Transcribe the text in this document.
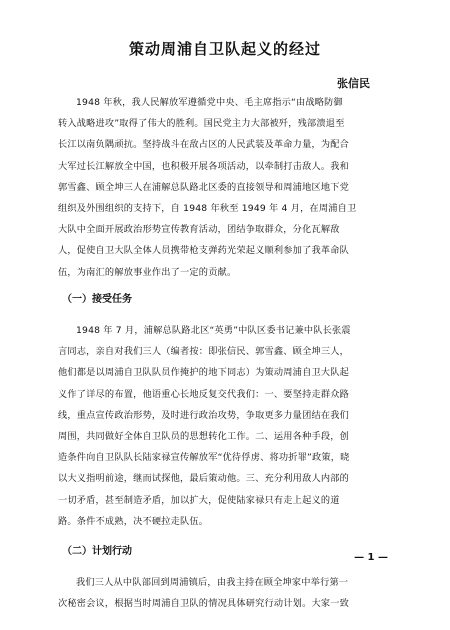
策动周浦自卫队起义的经过
张信民
1948 年秋，我人民解放军遵循党中央、毛主席指示“由战略防御
转入战略进攻”取得了伟大的胜利。国民党主力大部被歼，残部溃退至
长江以南负隅顽抗。坚持战斗在敌占区的人民武装及革命力量，为配合
大军过长江解放全中国，也积极开展各项活动，以牵制打击敌人。我和
郭雪鑫、顾全坤三人在浦解总队路北区委的直接领导和周浦地区地下党
组织及外围组织的支持下，自 1948 年秋至 1949 年 4 月，在周浦自卫
大队中全面开展政治形势宣传教育活动，团结争取群众，分化瓦解敌
人，促使自卫大队全体人员携带枪支弹药光荣起义顺利参加了我革命队
伍，为南汇的解放事业作出了一定的贡献。
（一）接受任务
1948 年 7 月，浦解总队路北区“英勇”中队区委书记兼中队长张震
言同志，亲自对我们三人（编者按：即张信民、郭雪鑫、顾全坤三人，
他们都是以周浦自卫队队员作掩护的地下同志）为策动周浦自卫大队起
义作了详尽的布置，他语重心长地反复交代我们：一、要坚持走群众路
线，重点宣传政治形势，及时进行政治攻势，争取更多力量团结在我们
周围，共同做好全体自卫队员的思想转化工作。二、运用各种手段，创
造条件向自卫队队长陆家禄宣传解放军“优待俘虏、将功折罪”政策，晓
以大义指明前途，继而试探他，最后策动他。三、充分利用敌人内部的
一切矛盾，甚至制造矛盾，加以扩大，促使陆家禄只有走上起义的道
路。条件不成熟，决不硬拉走队伍。
（二）计划行动
— 1 —
我们三人从中队部回到周浦镇后，由我主持在顾全坤家中举行第一
次秘密会议，根据当时周浦自卫队的情况具体研究行动计划。大家一致
